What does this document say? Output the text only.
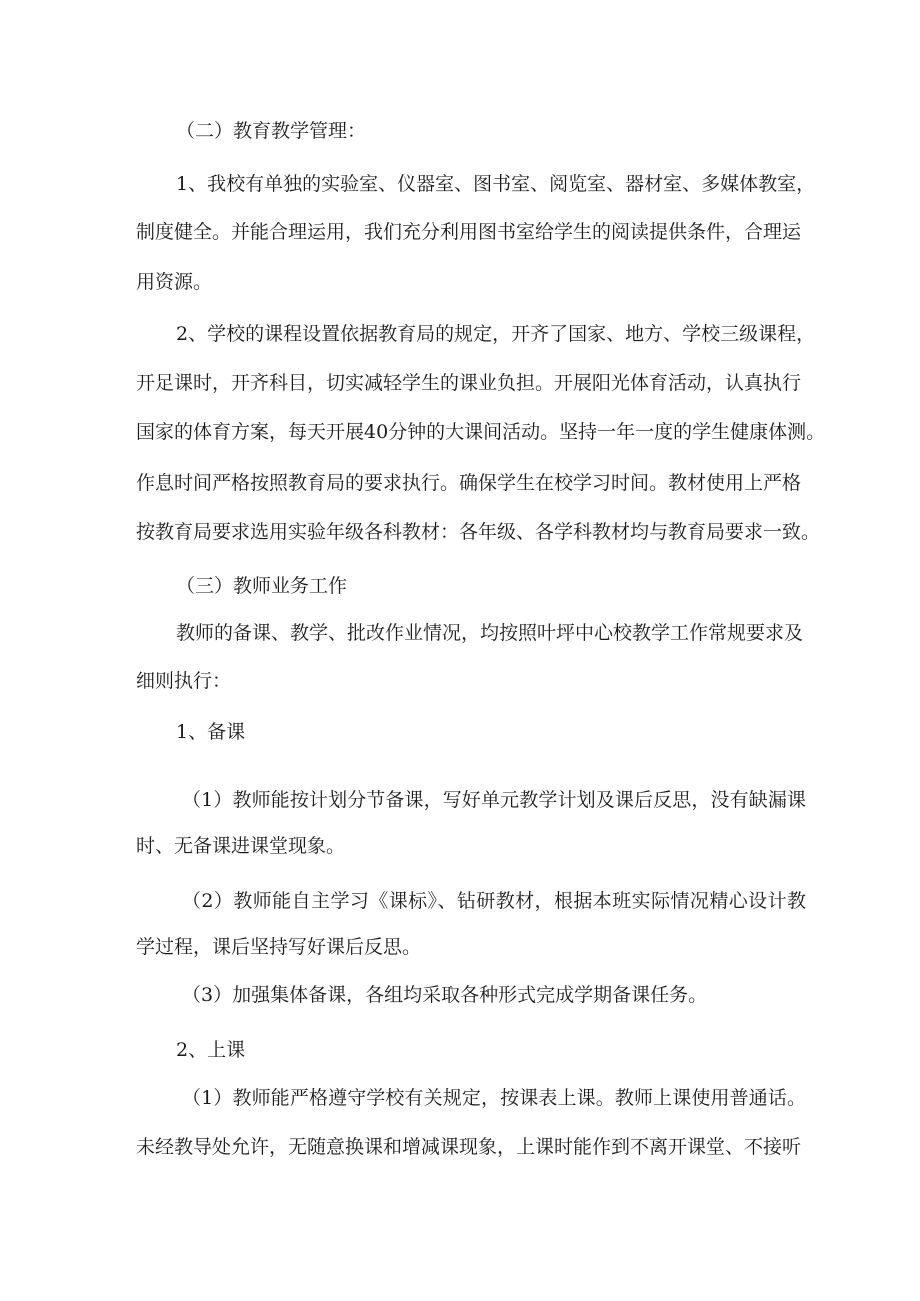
（二）教育教学管理：
1、我校有单独的实验室、仪器室、图书室、阅览室、器材室、多媒体教室，
制度健全。并能合理运用，我们充分利用图书室给学生的阅读提供条件，合理运
用资源。
2、学校的课程设置依据教育局的规定，开齐了国家、地方、学校三级课程，
开足课时，开齐科目，切实减轻学生的课业负担。开展阳光体育活动，认真执行
国家的体育方案，每天开展40分钟的大课间活动。坚持一年一度的学生健康体测。
作息时间严格按照教育局的要求执行。确保学生在校学习时间。教材使用上严格
按教育局要求选用实验年级各科教材：各年级、各学科教材均与教育局要求一致。
（三）教师业务工作
教师的备课、教学、批改作业情况，均按照叶坪中心校教学工作常规要求及
细则执行：
1、备课
（1）教师能按计划分节备课，写好单元教学计划及课后反思，没有缺漏课
时、无备课进课堂现象。
（2）教师能自主学习《课标》、钻研教材，根据本班实际情况精心设计教
学过程，课后坚持写好课后反思。
（3）加强集体备课，各组均采取各种形式完成学期备课任务。
2、上课
（1）教师能严格遵守学校有关规定，按课表上课。教师上课使用普通话。
未经教导处允许，无随意换课和增减课现象，上课时能作到不离开课堂、不接听
